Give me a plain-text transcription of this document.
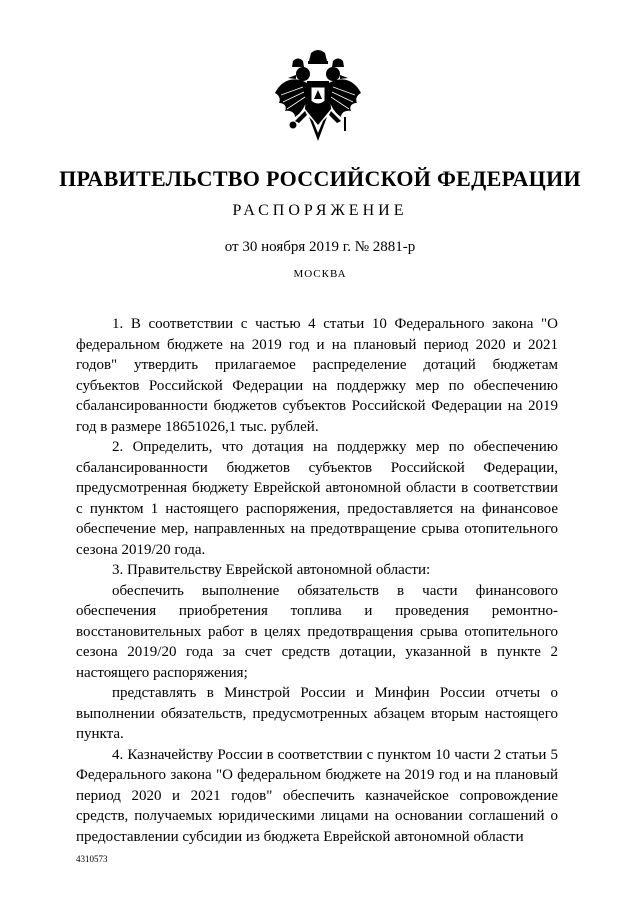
ПРАВИТЕЛЬСТВО РОССИЙСКОЙ ФЕДЕРАЦИИ
РАСПОРЯЖЕНИЕ
от 30 ноября 2019 г. № 2881-р
МОСКВА

1. В соответствии с частью 4 статьи 10 Федерального закона "О федеральном бюджете на 2019 год и на плановый период 2020 и 2021 годов" утвердить прилагаемое распределение дотаций бюджетам субъектов Российской Федерации на поддержку мер по обеспечению сбалансированности бюджетов субъектов Российской Федерации на 2019 год в размере 18651026,1 тыс. рублей.

2. Определить, что дотация на поддержку мер по обеспечению сбалансированности бюджетов субъектов Российской Федерации, предусмотренная бюджету Еврейской автономной области в соответствии с пунктом 1 настоящего распоряжения, предоставляется на финансовое обеспечение мер, направленных на предотвращение срыва отопительного сезона 2019/20 года.

3. Правительству Еврейской автономной области:

обеспечить выполнение обязательств в части финансового обеспечения приобретения топлива и проведения ремонтно-восстановительных работ в целях предотвращения срыва отопительного сезона 2019/20 года за счет средств дотации, указанной в пункте 2 настоящего распоряжения;

представлять в Минстрой России и Минфин России отчеты о выполнении обязательств, предусмотренных абзацем вторым настоящего пункта.

4. Казначейству России в соответствии с пунктом 10 части 2 статьи 5 Федерального закона "О федеральном бюджете на 2019 год и на плановый период 2020 и 2021 годов" обеспечить казначейское сопровождение средств, получаемых юридическими лицами на основании соглашений о предоставлении субсидии из бюджета Еврейской автономной области

4310573
